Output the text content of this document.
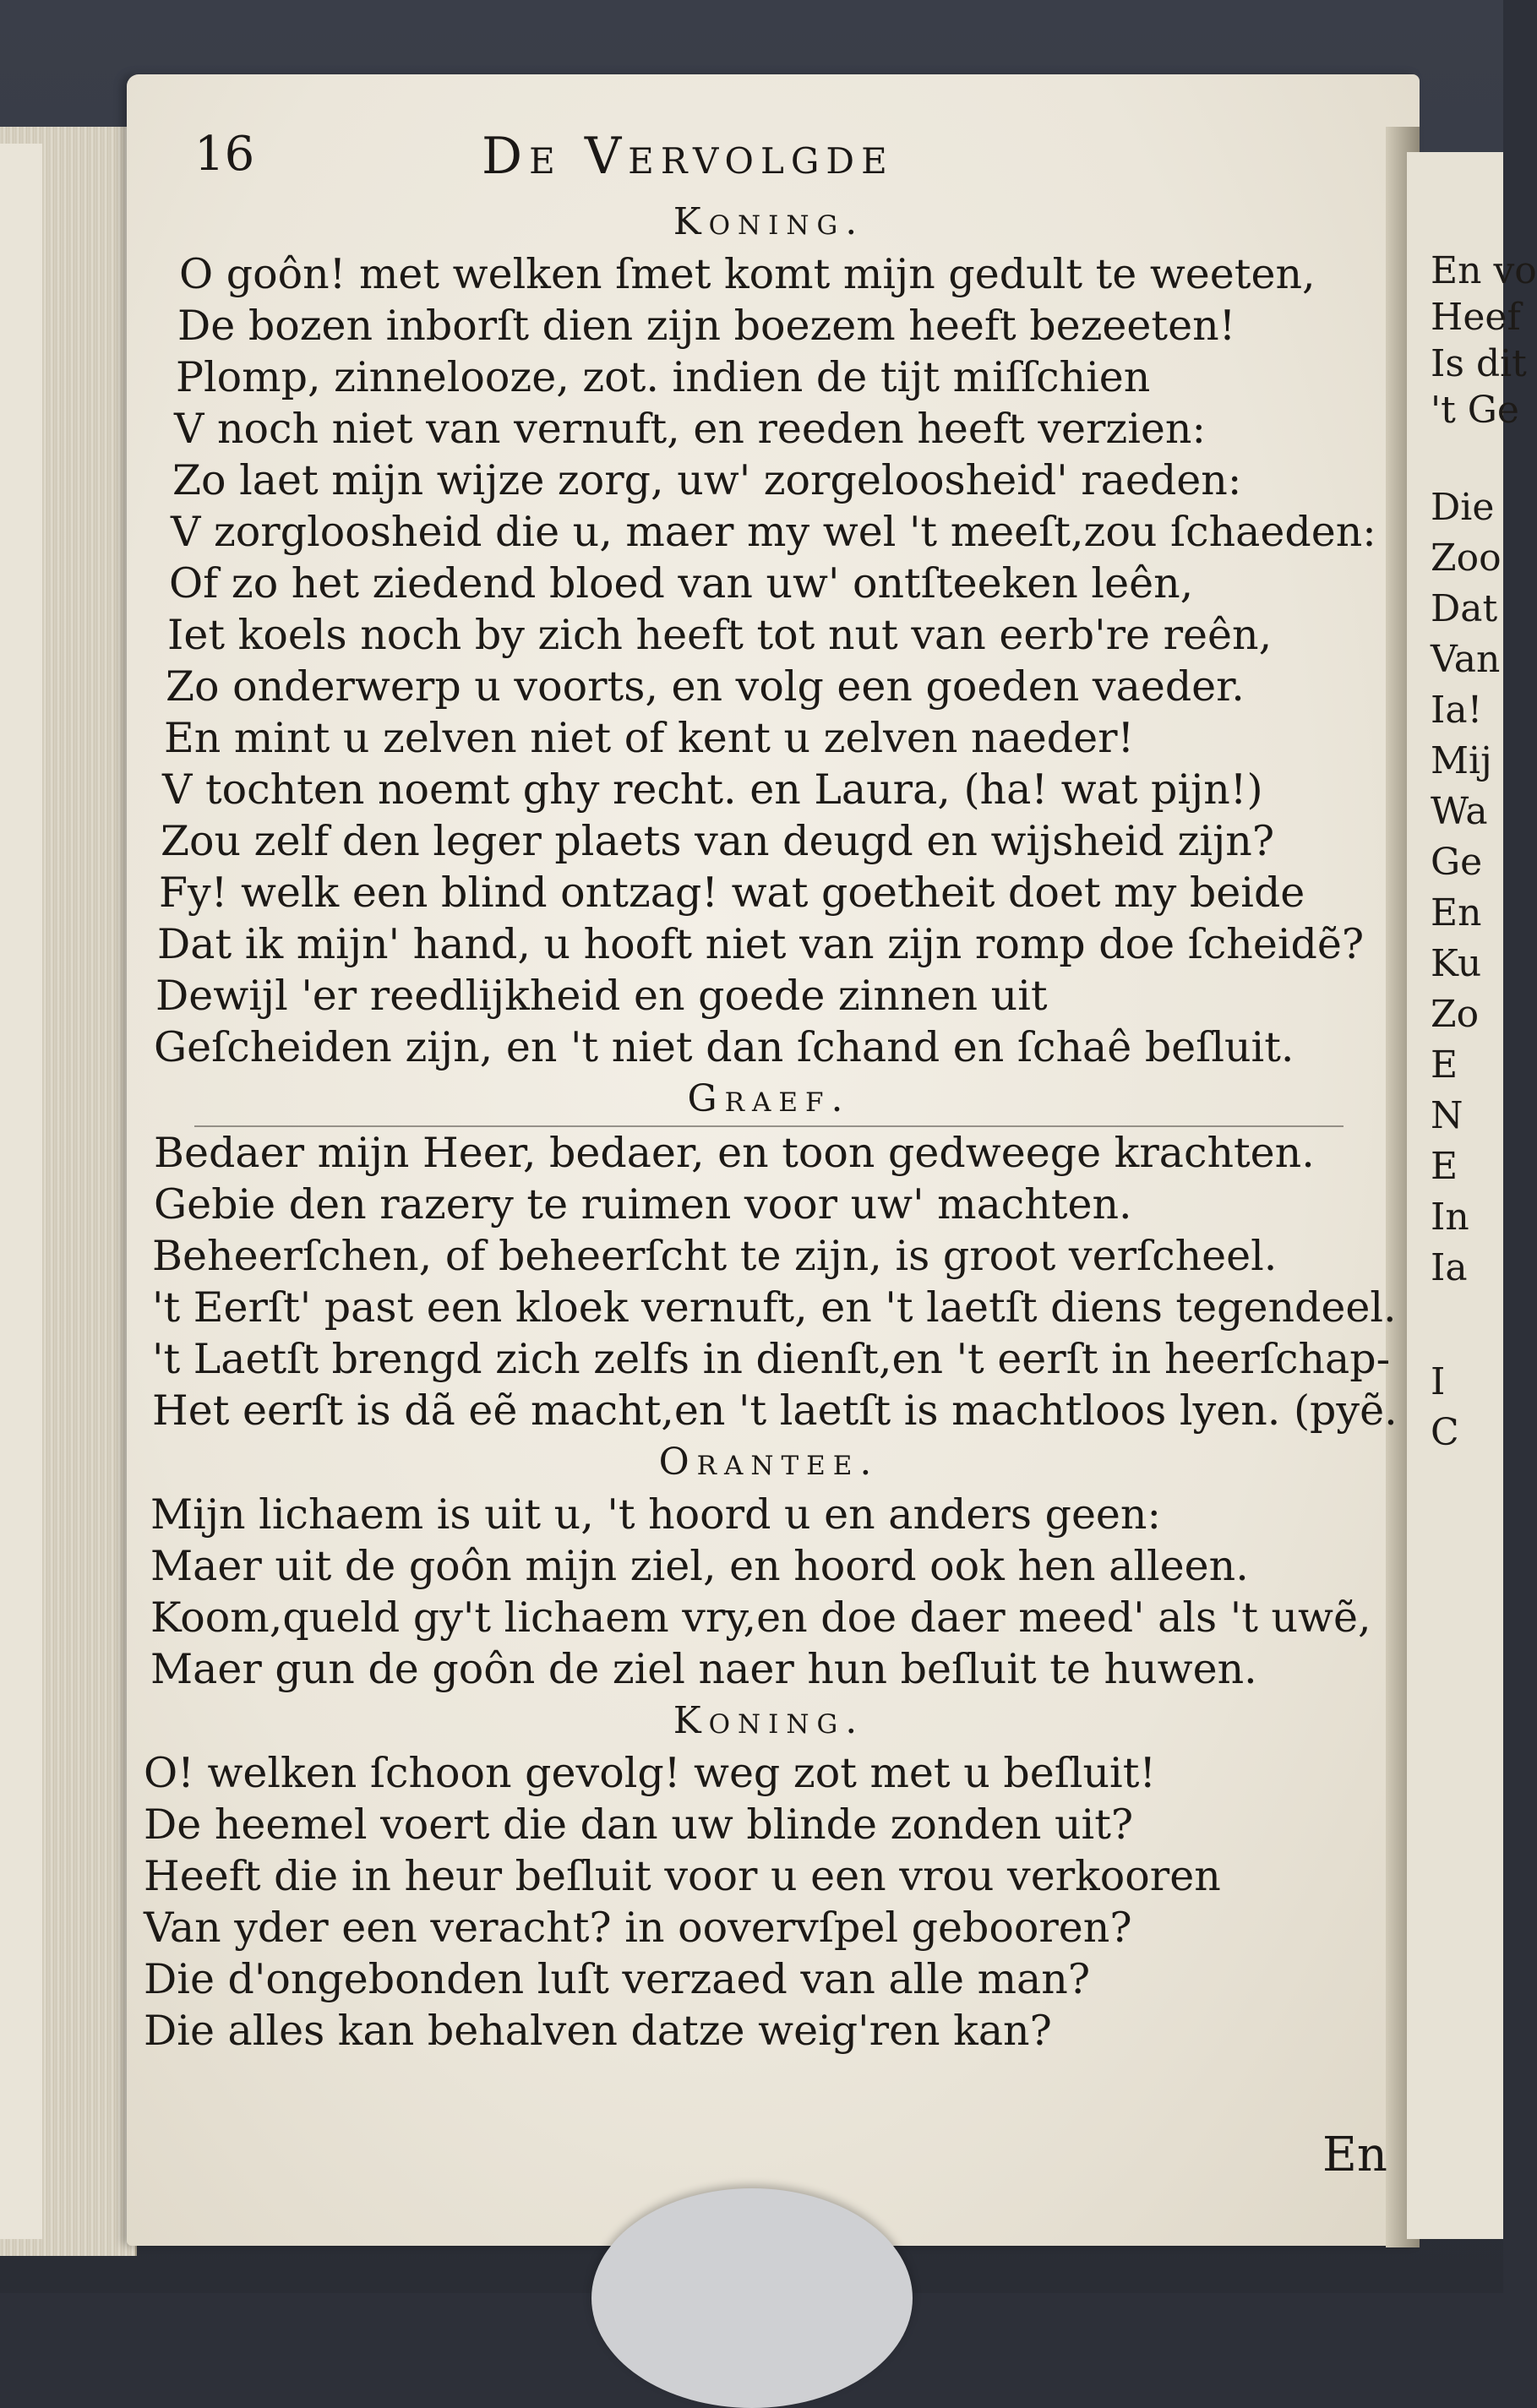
En vo
Heef
Is dit
't Ge
Die
Zoo
Dat
Van
Ia!
Mij
Wa
Ge
En
Ku
Zo
E
N
E
In
Ia
I
C
16	De Vervolgde
Koning.
O goôn! met welken ſmet komt mijn gedult te weeten,
De bozen inborſt dien zijn boezem heeft bezeeten!
Plomp, zinnelooze, zot. indien de tijt miſſchien
V noch niet van vernuft, en reeden heeft verzien:
Zo laet mijn wijze zorg, uw' zorgeloosheid' raeden:
V zorgloosheid die u, maer my wel 't meeſt,zou ſchaeden:
Of zo het ziedend bloed van uw' ontſteeken leên,
Iet koels noch by zich heeft tot nut van eerb're reên,
Zo onderwerp u voorts, en volg een goeden vaeder.
En mint u zelven niet of kent u zelven naeder!
V tochten noemt ghy recht. en Laura, (ha! wat pijn!)
Zou zelf den leger plaets van deugd en wijsheid zijn?
Fy! welk een blind ontzag! wat goetheit doet my beide
Dat ik mijn' hand, u hooft niet van zijn romp doe ſcheidẽ?
Dewijl 'er reedlijkheid en goede zinnen uit
Geſcheiden zijn, en 't niet dan ſchand en ſchaê beſluit.
Graef.
Bedaer mijn Heer, bedaer, en toon gedweege krachten.
Gebie den razery te ruimen voor uw' machten.
Beheerſchen, of beheerſcht te zijn, is groot verſcheel.
't Eerſt' past een kloek vernuft, en 't laetſt diens tegendeel.
't Laetſt brengd zich zelfs in dienſt,en 't eerſt in heerſchap-
Het eerſt is dã eẽ macht,en 't laetſt is machtloos lyen. (pyẽ.
Orantee.
Mijn lichaem is uit u, 't hoord u en anders geen:
Maer uit de goôn mijn ziel, en hoord ook hen alleen.
Koom,queld gy't lichaem vry,en doe daer meed' als 't uwẽ,
Maer gun de goôn de ziel naer hun beſluit te huwen.
Koning.
O! welken ſchoon gevolg! weg zot met u beſluit!
De heemel voert die dan uw blinde zonden uit?
Heeft die in heur beſluit voor u een vrou verkooren
Van yder een veracht? in oovervſpel gebooren?
Die d'ongebonden luſt verzaed van alle man?
Die alles kan behalven datze weig'ren kan?
En
